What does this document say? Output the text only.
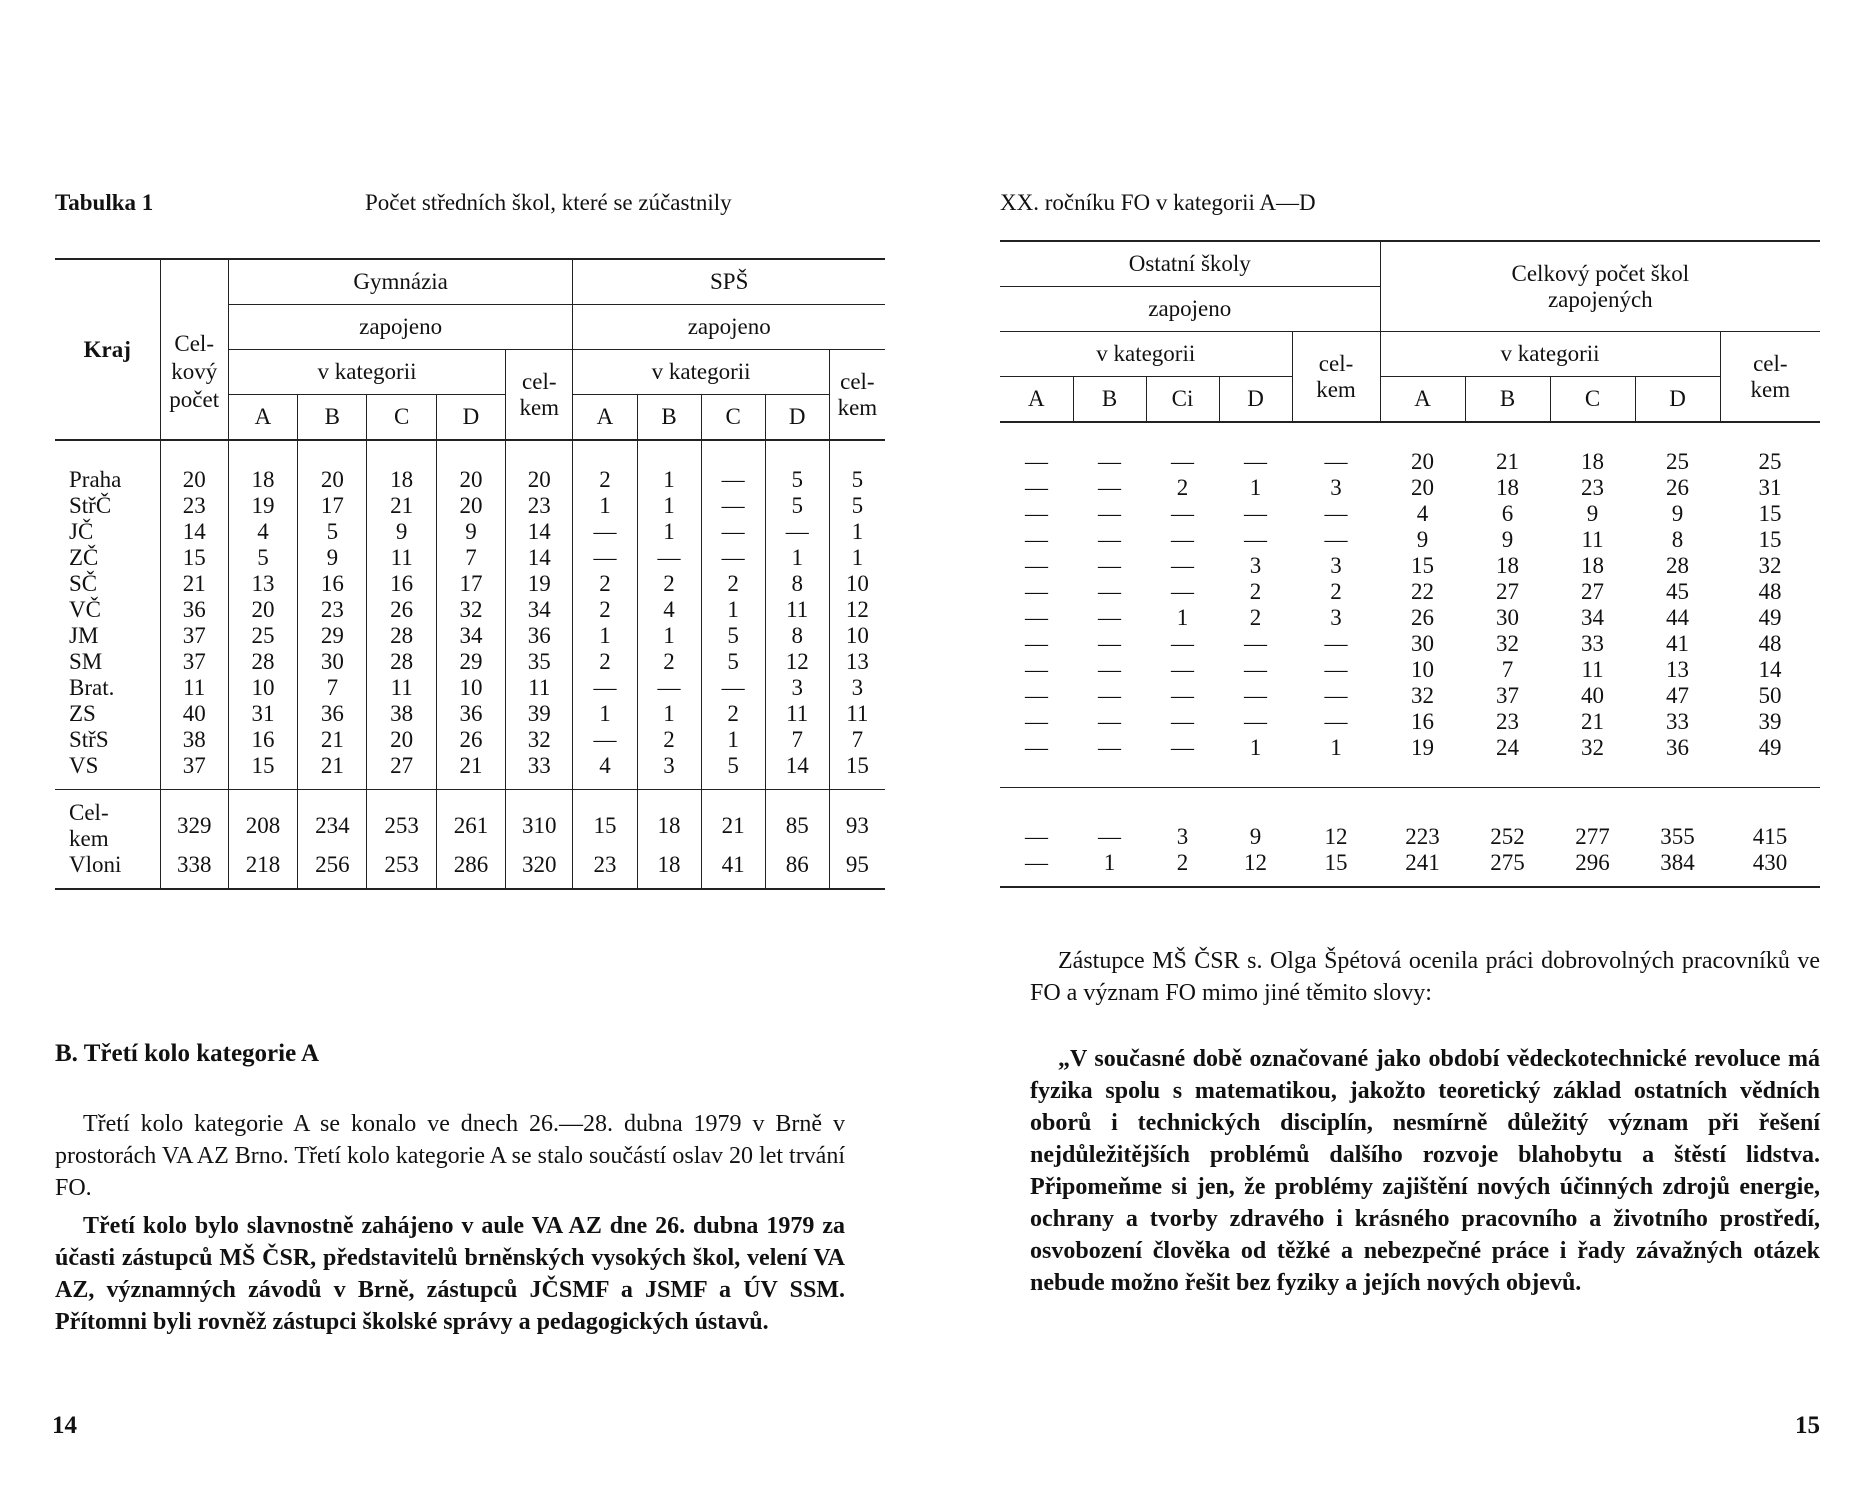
Tabulka 1	Počet středních škol, které se zúčastnily
Kraj		Gymnázia					SPŠ				
	Cel-
kový
počet	zapojeno					zapojeno				
		v kategorii				cel-
kem	v kategorii				cel-
kem
		A	B	C	D		A	B	C	D	
Praha	20	18	20	18	20	20	2	1	—	5	5
StřČ	23	19	17	21	20	23	1	1	—	5	5
JČ	14	4	5	9	9	14	—	1	—	—	1
ZČ	15	5	9	11	7	14	—	—	—	1	1
SČ	21	13	16	16	17	19	2	2	2	8	10
VČ	36	20	23	26	32	34	2	4	1	11	12
JM	37	25	29	28	34	36	1	1	5	8	10
SM	37	28	30	28	29	35	2	2	5	12	13
Brat.	11	10	7	11	10	11	—	—	—	3	3
ZS	40	31	36	38	36	39	1	1	2	11	11
StřS	38	16	21	20	26	32	—	2	1	7	7
VS	37	15	21	27	21	33	4	3	5	14	15
Cel-
kem	329	208	234	253	261	310	15	18	21	85	93
Vloni	338	218	256	253	286	320	23	18	41	86	95
B. Třetí kolo kategorie A

Třetí kolo kategorie A se konalo ve dnech 26.—28. dubna 1979 v Brně v prostorách VA AZ Brno. Třetí kolo kategorie A se stalo součástí oslav 20 let trvání FO.

Třetí kolo bylo slavnostně zahájeno v aule VA AZ dne 26. dubna 1979 za účasti zástupců MŠ ČSR, představitelů brněnských vysokých škol, velení VA AZ, významných závodů v Brně, zástupců JČSMF a JSMF a ÚV SSM. Přítomni byli rovněž zástupci školské správy a pedagogických ústavů.

14
XX. ročníku FO v kategorii A—D
Ostatní školy					Celkový počet škol
zapojených				
zapojeno									
v kategorii				cel-
kem	v kategorii				cel-
kem
A	B	Ci	D		A	B	C	D	
—	—	—	—	—	20	21	18	25	25
—	—	2	1	3	20	18	23	26	31
—	—	—	—	—	4	6	9	9	15
—	—	—	—	—	9	9	11	8	15
—	—	—	3	3	15	18	18	28	32
—	—	—	2	2	22	27	27	45	48
—	—	1	2	3	26	30	34	44	49
—	—	—	—	—	30	32	33	41	48
—	—	—	—	—	10	7	11	13	14
—	—	—	—	—	32	37	40	47	50
—	—	—	—	—	16	23	21	33	39
—	—	—	1	1	19	24	32	36	49
—	—	3	9	12	223	252	277	355	415
—	1	2	12	15	241	275	296	384	430

Zástupce MŠ ČSR s. Olga Špétová ocenila práci dobrovolných pracovníků ve FO a význam FO mimo jiné těmito slovy:

„V současné době označované jako období vědeckotechnické revoluce má fyzika spolu s matematikou, jakožto teoretický základ ostatních vědních oborů i technických disciplín, nesmírně důležitý význam při řešení nejdůležitějších problémů dalšího rozvoje blahobytu a štěstí lidstva. Připomeňme si jen, že problémy zajištění nových účinných zdrojů energie, ochrany a tvorby zdravého i krásného pracovního a životního prostředí, osvobození člověka od těžké a nebezpečné práce i řady závažných otázek nebude možno řešit bez fyziky a jejích nových objevů.

15
